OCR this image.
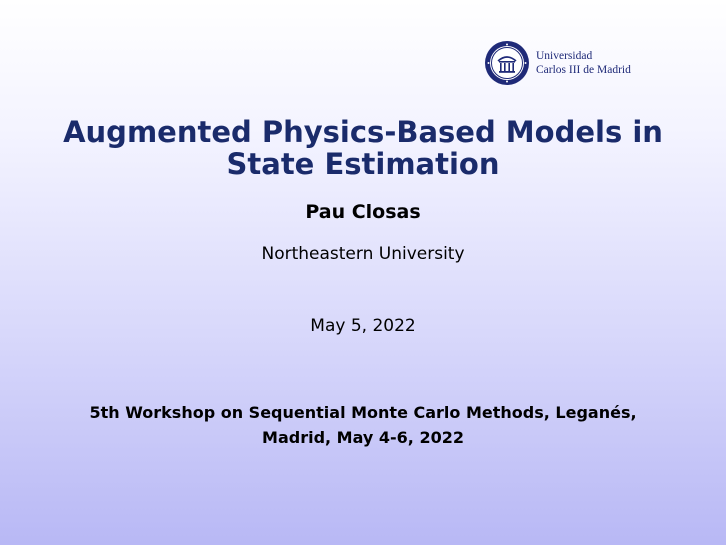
Universidad
Carlos III de Madrid
Augmented Physics-Based Models in
State Estimation
Pau Closas
Northeastern University
May 5, 2022
5th Workshop on Sequential Monte Carlo Methods, Leganés,
Madrid, May 4-6, 2022
